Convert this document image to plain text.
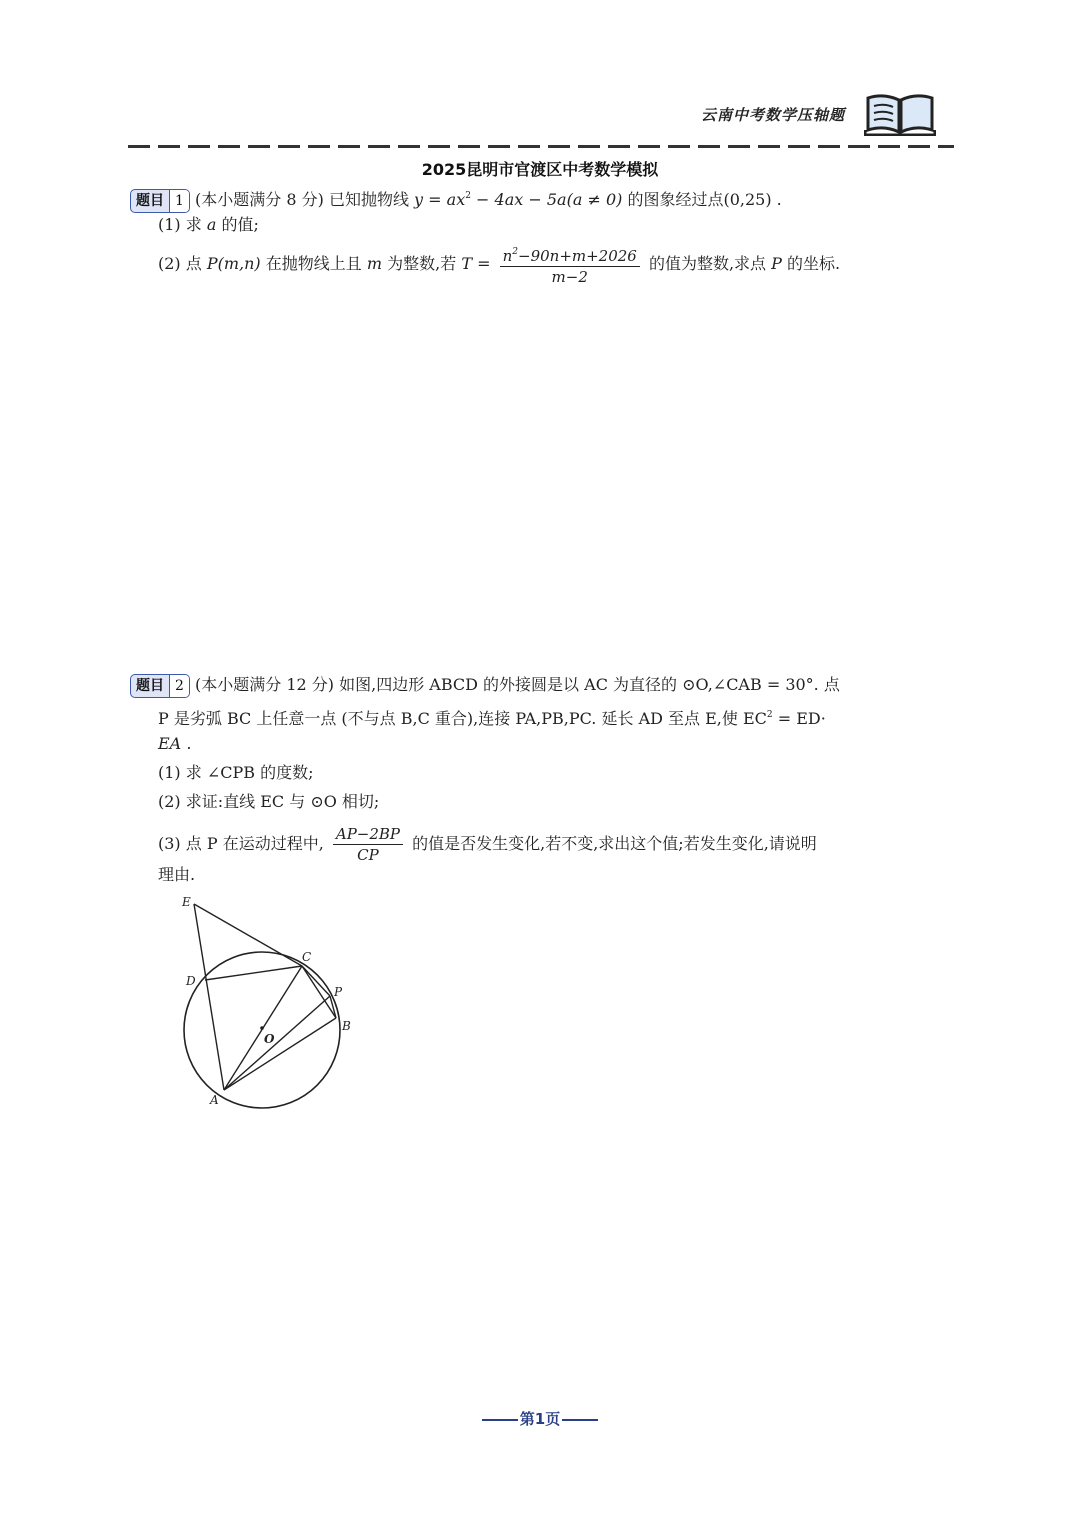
云南中考数学压轴题
2025昆明市官渡区中考数学模拟
题目 1 (本小题满分 8 分) 已知抛物线 $y = ax^2 - 4ax - 5a(a \ne 0)$ 的图象经过点(0,25) .
(1) 求 a 的值;
(2) 点 P(m,n) 在抛物线上且 m 为整数,若 $T = \frac{n^2-90n+m+2026}{m-2}$ 的值为整数,求点 P 的坐标.
题目 2 (本小题满分 12 分) 如图,四边形 ABCD 的外接圆是以 AC 为直径的 ⊙O,∠CAB = 30°. 点
P 是劣弧 BC 上任意一点 (不与点 B,C 重合),连接 PA,PB,PC. 延长 AD 至点 E,使 $EC^2 = ED\cdot$
EA .
(1) 求 ∠CPB 的度数;
(2) 求证:直线 EC 与 ⊙O 相切;
(3) 点 P 在运动过程中, $\frac{AP-2BP}{CP}$ 的值是否发生变化,若不变,求出这个值;若发生变化,请说明
理由.
E
D
C
P
B
O
A
第1页
